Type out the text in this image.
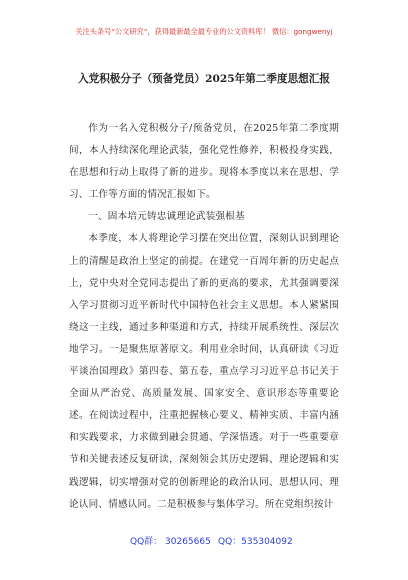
关注头条号“公文研究”，获得最新最全最专业的公文资料库！ 微信：gongwenyj
入党积极分子（预备党员）2025年第二季度思想汇报

作为一名入党积极分子/预备党员，在2025年第二季度期间，本人持续深化理论武装，强化党性修养，积极投身实践，在思想和行动上取得了新的进步。现将本季度以来在思想、学习、工作等方面的情况汇报如下。

一、固本培元铸忠诚理论武装强根基

本季度，本人将理论学习摆在突出位置，深刻认识到理论上的清醒是政治上坚定的前提。在建党一百周年新的历史起点上，党中央对全党同志提出了新的更高的要求，尤其强调要深入学习贯彻习近平新时代中国特色社会主义思想。本人紧紧围绕这一主线，通过多种渠道和方式，持续开展系统性、深层次地学习。一是聚焦原著原文。利用业余时间，认真研读《习近平谈治国理政》第四卷、第五卷，重点学习习近平总书记关于全面从严治党、高质量发展、国家安全、意识形态等重要论述。在阅读过程中，注重把握核心要义、精神实质、丰富内涵和实践要求，力求做到融会贯通、学深悟透。对于一些重要章节和关键表述反复研读，深刻领会其历史逻辑、理论逻辑和实践逻辑，切实增强对党的创新理论的政治认同、思想认同、理论认同、情感认同。二是积极参与集体学习。所在党组织按计

QQ群： 30265665 QQ：535304092
